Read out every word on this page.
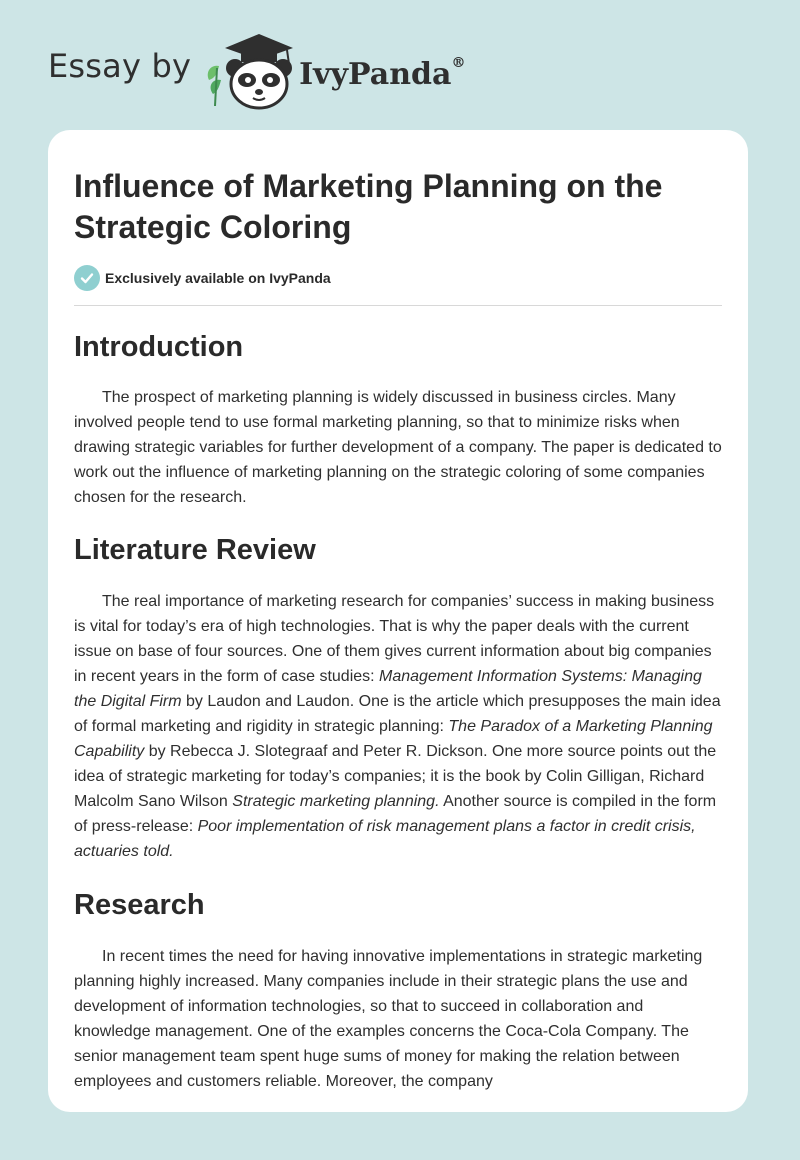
Essay by	IvyPanda®
Influence of Marketing Planning on the Strategic Coloring
Exclusively available on IvyPanda
Introduction

The prospect of marketing planning is widely discussed in business circles. Many involved people tend to use formal marketing planning, so that to minimize risks when drawing strategic variables for further development of a company. The paper is dedicated to work out the influence of marketing planning on the strategic coloring of some companies chosen for the research.

Literature Review

The real importance of marketing research for companies’ success in making business is vital for today’s era of high technologies. That is why the paper deals with the current issue on base of four sources. One of them gives current information about big companies in recent years in the form of case studies: Management Information Systems: Managing the Digital Firm by Laudon and Laudon. One is the article which presupposes the main idea of formal marketing and rigidity in strategic planning: The Paradox of a Marketing Planning Capability by Rebecca J. Slotegraaf and Peter R. Dickson. One more source points out the idea of strategic marketing for today’s companies; it is the book by Colin Gilligan, Richard Malcolm Sano Wilson Strategic marketing planning. Another source is compiled in the form of press-release: Poor implementation of risk management plans a factor in credit crisis, actuaries told.

Research

In recent times the need for having innovative implementations in strategic marketing planning highly increased. Many companies include in their strategic plans the use and development of information technologies, so that to succeed in collaboration and knowledge management. One of the examples concerns the Coca-Cola Company. The senior management team spent huge sums of money for making the relation between employees and customers reliable. Moreover, the company
